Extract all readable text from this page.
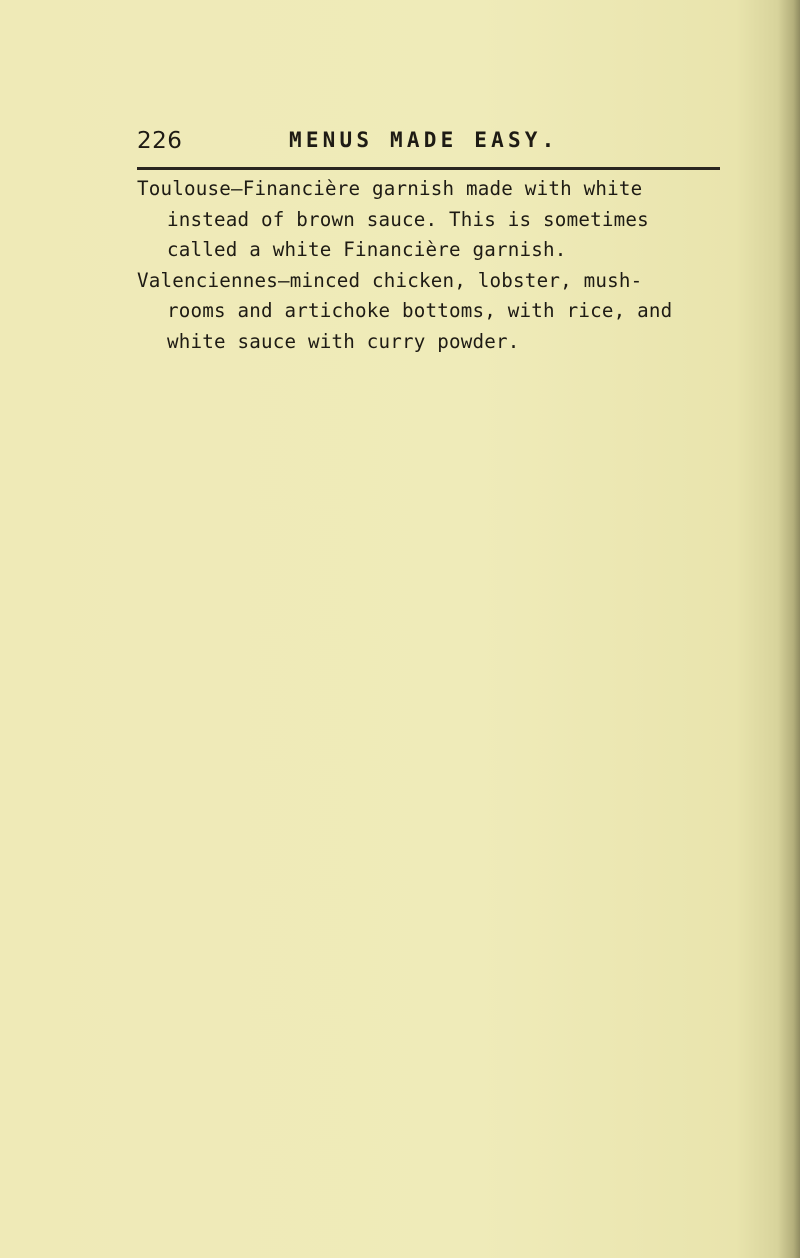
226	MENUS MADE EASY.

Toulouse—Financière garnish made with white
instead of brown sauce. This is sometimes
called a white Financière garnish.

Valenciennes—minced chicken, lobster, mush-
rooms and artichoke bottoms, with rice, and
white sauce with curry powder.
